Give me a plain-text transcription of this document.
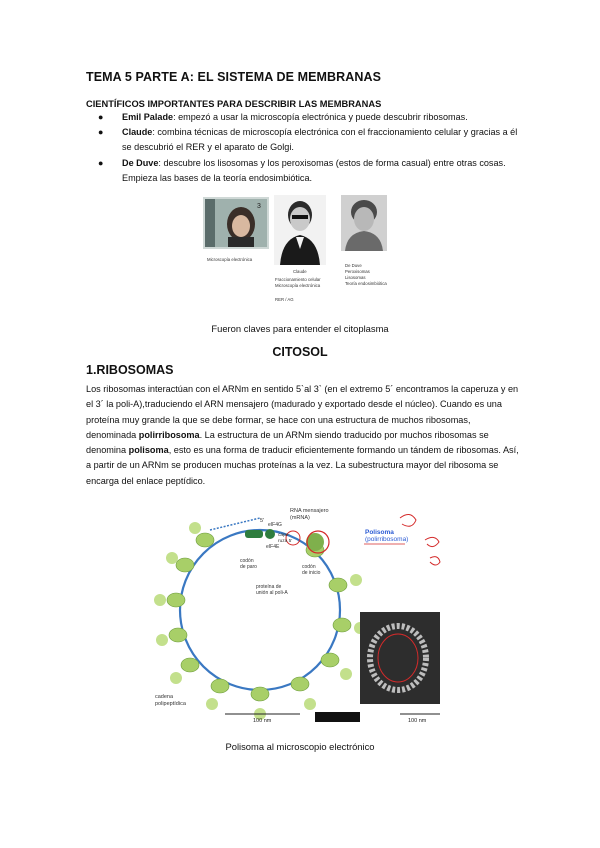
TEMA 5 PARTE A: EL SISTEMA DE MEMBRANAS
CIENTÍFICOS IMPORTANTES PARA DESCRIBIR LAS MEMBRANAS
● Emil Palade: empezó a usar la microscopía electrónica y puede descubrir ribosomas.
● Claude: combina técnicas de microscopía electrónica con el fraccionamiento celular y gracias a él se descubrió el RER y el aparato de Golgi.
● De Duve: descubre los lisosomas y los peroxisomas (estos de forma casual) entre otras cosas. Empieza las bases de la teoría endosimbiótica.
3
Microscopía electrónica
Claude
Fraccionamiento celular
Microscopía electrónica
RER / AG
De Duve
Peroxisomas
Lisosomas
Teoría endosimbiótica
Fueron claves para entender el citoplasma
CITOSOL
1.RIBOSOMAS
Los ribosomas interactúan con el ARNm en sentido 5`al 3` (en el extremo 5´ encontramos la caperuza y en el 3´ la poli-A),traduciendo el ARN mensajero (madurado y exportado desde el núcleo). Cuando es una proteína muy grande la que se debe formar, se hace con una estructura de muchos ribosomas, denominada polirribosoma. La estructura de un ARNm siendo traducido por muchos ribosomas se denomina polisoma, esto es una forma de traducir eficientemente formando un tándem de ribosomas. Así, a partir de un ARNm se producen muchas proteínas a la vez. La subestructura mayor del ribosoma se encarga del enlace peptídico.
RNA mensajero
(mRNA)
5'
eIF4G
eIF4E
cape-
ruza 5'
codón
de paro	codón
de inicio
proteína de
unión al poli-A
cadena
polipeptídica
100 nm
Polisoma
(polirribosoma)
100 nm
Polisoma al microscopio electrónico
